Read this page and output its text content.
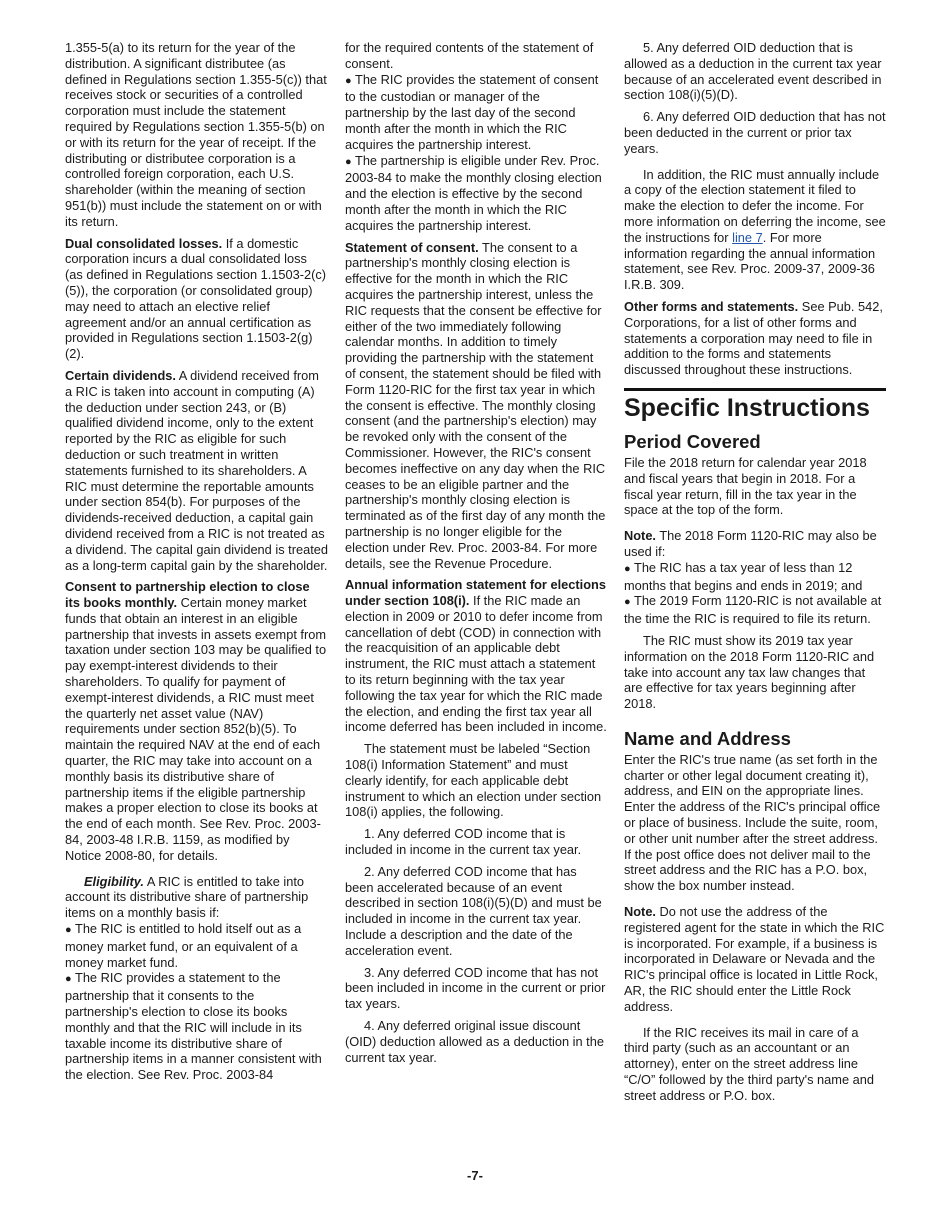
1.355-5(a) to its return for the year of the distribution. A significant distributee (as defined in Regulations section 1.355-5(c)) that receives stock or securities of a controlled corporation must include the statement required by Regulations section 1.355-5(b) on or with its return for the year of receipt. If the distributing or distributee corporation is a controlled foreign corporation, each U.S. shareholder (within the meaning of section 951(b)) must include the statement on or with its return.

Dual consolidated losses. If a domestic corporation incurs a dual consolidated loss (as defined in Regulations section 1.1503-2(c)(5)), the corporation (or consolidated group) may need to attach an elective relief agreement and/or an annual certification as provided in Regulations section 1.1503-2(g)(2).

Certain dividends. A dividend received from a RIC is taken into account in computing (A) the deduction under section 243, or (B) qualified dividend income, only to the extent reported by the RIC as eligible for such deduction or such treatment in written statements furnished to its shareholders. A RIC must determine the reportable amounts under section 854(b). For purposes of the dividends-received deduction, a capital gain dividend received from a RIC is not treated as a dividend. The capital gain dividend is treated as a long-term capital gain by the shareholder.

Consent to partnership election to close its books monthly. Certain money market funds that obtain an interest in an eligible partnership that invests in assets exempt from taxation under section 103 may be qualified to pay exempt-interest dividends to their shareholders. To qualify for payment of exempt-interest dividends, a RIC must meet the quarterly net asset value (NAV) requirements under section 852(b)(5). To maintain the required NAV at the end of each quarter, the RIC may take into account on a monthly basis its distributive share of partnership items if the eligible partnership makes a proper election to close its books at the end of each month. See Rev. Proc. 2003-84, 2003-48 I.R.B. 1159, as modified by Notice 2008-80, for details.

Eligibility. A RIC is entitled to take into account its distributive share of partnership items on a monthly basis if:

● The RIC is entitled to hold itself out as a money market fund, or an equivalent of a money market fund.

● The RIC provides a statement to the partnership that it consents to the partnership's election to close its books monthly and that the RIC will include in its taxable income its distributive share of partnership items in a manner consistent with the election. See Rev. Proc. 2003-84

for the required contents of the statement of consent.

● The RIC provides the statement of consent to the custodian or manager of the partnership by the last day of the second month after the month in which the RIC acquires the partnership interest.

● The partnership is eligible under Rev. Proc. 2003-84 to make the monthly closing election and the election is effective by the second month after the month in which the RIC acquires the partnership interest.

Statement of consent. The consent to a partnership's monthly closing election is effective for the month in which the RIC acquires the partnership interest, unless the RIC requests that the consent be effective for either of the two immediately following calendar months. In addition to timely providing the partnership with the statement of consent, the statement should be filed with Form 1120-RIC for the first tax year in which the consent is effective. The monthly closing consent (and the partnership's election) may be revoked only with the consent of the Commissioner. However, the RIC's consent becomes ineffective on any day when the RIC ceases to be an eligible partner and the partnership's monthly closing election is terminated as of the first day of any month the partnership is no longer eligible for the election under Rev. Proc. 2003-84. For more details, see the Revenue Procedure.

Annual information statement for elections under section 108(i). If the RIC made an election in 2009 or 2010 to defer income from cancellation of debt (COD) in connection with the reacquisition of an applicable debt instrument, the RIC must attach a statement to its return beginning with the tax year following the tax year for which the RIC made the election, and ending the first tax year all income deferred has been included in income.

The statement must be labeled “Section 108(i) Information Statement” and must clearly identify, for each applicable debt instrument to which an election under section 108(i) applies, the following.

1. Any deferred COD income that is included in income in the current tax year.

2. Any deferred COD income that has been accelerated because of an event described in section 108(i)(5)(D) and must be included in income in the current tax year. Include a description and the date of the acceleration event.

3. Any deferred COD income that has not been included in income in the current or prior tax years.

4. Any deferred original issue discount (OID) deduction allowed as a deduction in the current tax year.

5. Any deferred OID deduction that is allowed as a deduction in the current tax year because of an accelerated event described in section 108(i)(5)(D).

6. Any deferred OID deduction that has not been deducted in the current or prior tax years.

In addition, the RIC must annually include a copy of the election statement it filed to make the election to defer the income. For more information on deferring the income, see the instructions for line 7. For more information regarding the annual information statement, see Rev. Proc. 2009-37, 2009-36 I.R.B. 309.

Other forms and statements. See Pub. 542, Corporations, for a list of other forms and statements a corporation may need to file in addition to the forms and statements discussed throughout these instructions.

Specific Instructions
Period Covered

File the 2018 return for calendar year 2018 and fiscal years that begin in 2018. For a fiscal year return, fill in the tax year in the space at the top of the form.

Note. The 2018 Form 1120-RIC may also be used if:

● The RIC has a tax year of less than 12 months that begins and ends in 2019; and

● The 2019 Form 1120-RIC is not available at the time the RIC is required to file its return.

The RIC must show its 2019 tax year information on the 2018 Form 1120-RIC and take into account any tax law changes that are effective for tax years beginning after 2018.

Name and Address

Enter the RIC's true name (as set forth in the charter or other legal document creating it), address, and EIN on the appropriate lines. Enter the address of the RIC's principal office or place of business. Include the suite, room, or other unit number after the street address. If the post office does not deliver mail to the street address and the RIC has a P.O. box, show the box number instead.

Note. Do not use the address of the registered agent for the state in which the RIC is incorporated. For example, if a business is incorporated in Delaware or Nevada and the RIC's principal office is located in Little Rock, AR, the RIC should enter the Little Rock address.

If the RIC receives its mail in care of a third party (such as an accountant or an attorney), enter on the street address line “C/O” followed by the third party's name and street address or P.O. box.

-7-
